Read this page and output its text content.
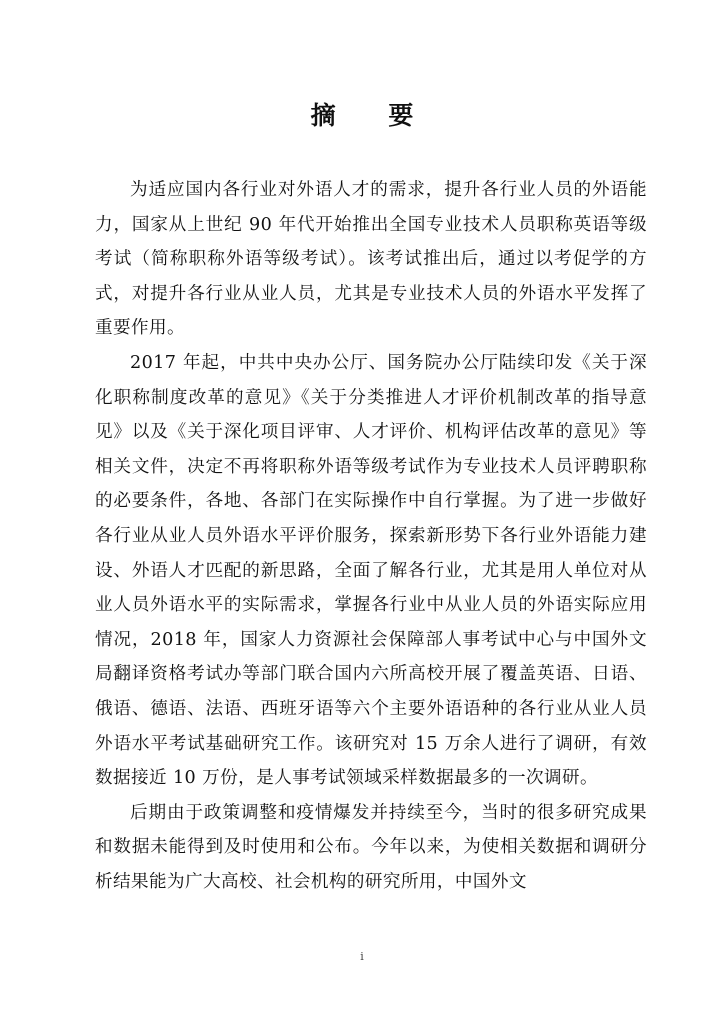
摘 要

为适应国内各行业对外语人才的需求，提升各行业人员的外语能力，国家从上世纪 90 年代开始推出全国专业技术人员职称英语等级考试（简称职称外语等级考试）。该考试推出后，通过以考促学的方式，对提升各行业从业人员，尤其是专业技术人员的外语水平发挥了重要作用。

2017 年起，中共中央办公厅、国务院办公厅陆续印发《关于深化职称制度改革的意见》《关于分类推进人才评价机制改革的指导意见》以及《关于深化项目评审、人才评价、机构评估改革的意见》等相关文件，决定不再将职称外语等级考试作为专业技术人员评聘职称的必要条件，各地、各部门在实际操作中自行掌握。为了进一步做好各行业从业人员外语水平评价服务，探索新形势下各行业外语能力建设、外语人才匹配的新思路，全面了解各行业，尤其是用人单位对从业人员外语水平的实际需求，掌握各行业中从业人员的外语实际应用情况，2018 年，国家人力资源社会保障部人事考试中心与中国外文局翻译资格考试办等部门联合国内六所高校开展了覆盖英语、日语、俄语、德语、法语、西班牙语等六个主要外语语种的各行业从业人员外语水平考试基础研究工作。该研究对 15 万余人进行了调研，有效数据接近 10 万份，是人事考试领域采样数据最多的一次调研。

后期由于政策调整和疫情爆发并持续至今，当时的很多研究成果和数据未能得到及时使用和公布。今年以来，为使相关数据和调研分析结果能为广大高校、社会机构的研究所用，中国外文

i
